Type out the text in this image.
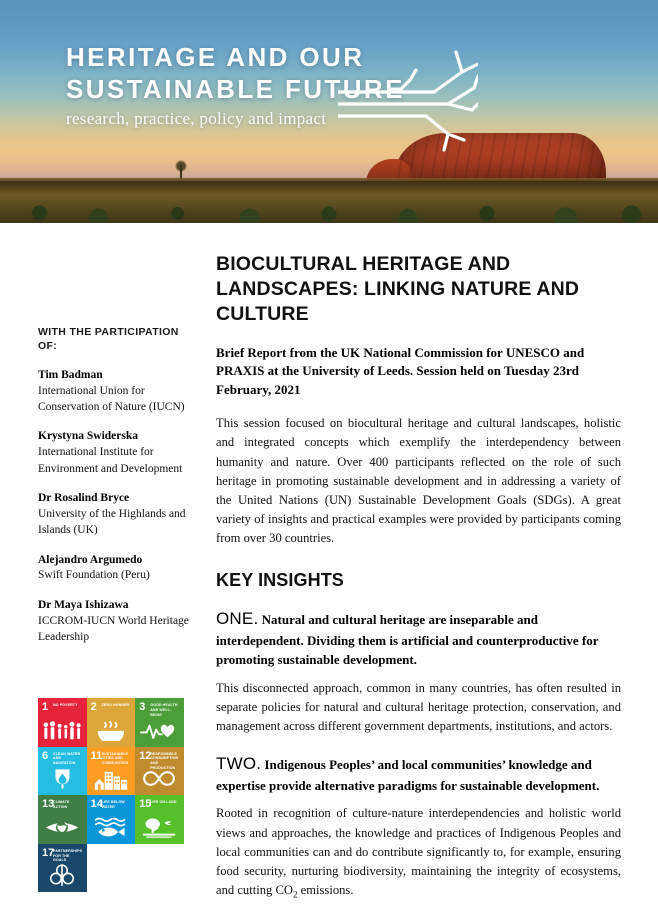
HERITAGE AND OUR
SUSTAINABLE FUTURE
research, practice, policy and impact
WITH THE PARTICIPATION OF:
Tim Badman
International Union for Conservation of Nature (IUCN)
Krystyna Swiderska
International Institute for Environment and Development
Dr Rosalind Bryce
University of the Highlands and Islands (UK)
Alejandro Argumedo
Swift Foundation (Peru)
Dr Maya Ishizawa
ICCROM-IUCN World Heritage Leadership
1 NO POVERTY	2 ZERO HUNGER 3 GOOD HEALTH AND WELL-BEING
6 CLEAN WATER AND SANITATION
11 SUSTAINABLE CITIES AND COMMUNITIES
12
RESPONSIBLE CONSUMPTION AND PRODUCTION
13
CLIMATE ACTION	14
LIFE BELOW WATER	15
LIFE ON LAND
17
PARTNERSHIPS FOR THE GOALS
BIOCULTURAL HERITAGE AND LANDSCAPES: LINKING NATURE AND CULTURE

Brief Report from the UK National Commission for UNESCO and PRAXIS at the University of Leeds. Session held on Tuesday 23rd February, 2021

This session focused on biocultural heritage and cultural landscapes, holistic and integrated concepts which exemplify the interdependency between humanity and nature. Over 400 participants reflected on the role of such heritage in promoting sustainable development and in addressing a variety of the United Nations (UN) Sustainable Development Goals (SDGs). A great variety of insights and practical examples were provided by participants coming from over 30 countries.

KEY INSIGHTS

ONE. Natural and cultural heritage are inseparable and interdependent. Dividing them is artificial and counterproductive for promoting sustainable development.

This disconnected approach, common in many countries, has often resulted in separate policies for natural and cultural heritage protection, conservation, and management across different government departments, institutions, and actors.

TWO. Indigenous Peoples’ and local communities’ knowledge and expertise provide alternative paradigms for sustainable development.

Rooted in recognition of culture-nature interdependencies and holistic world views and approaches, the knowledge and practices of Indigenous Peoples and local communities can and do contribute significantly to, for example, ensuring food security, nurturing biodiversity, maintaining the integrity of ecosystems, and cutting $CO_2$ emissions.
